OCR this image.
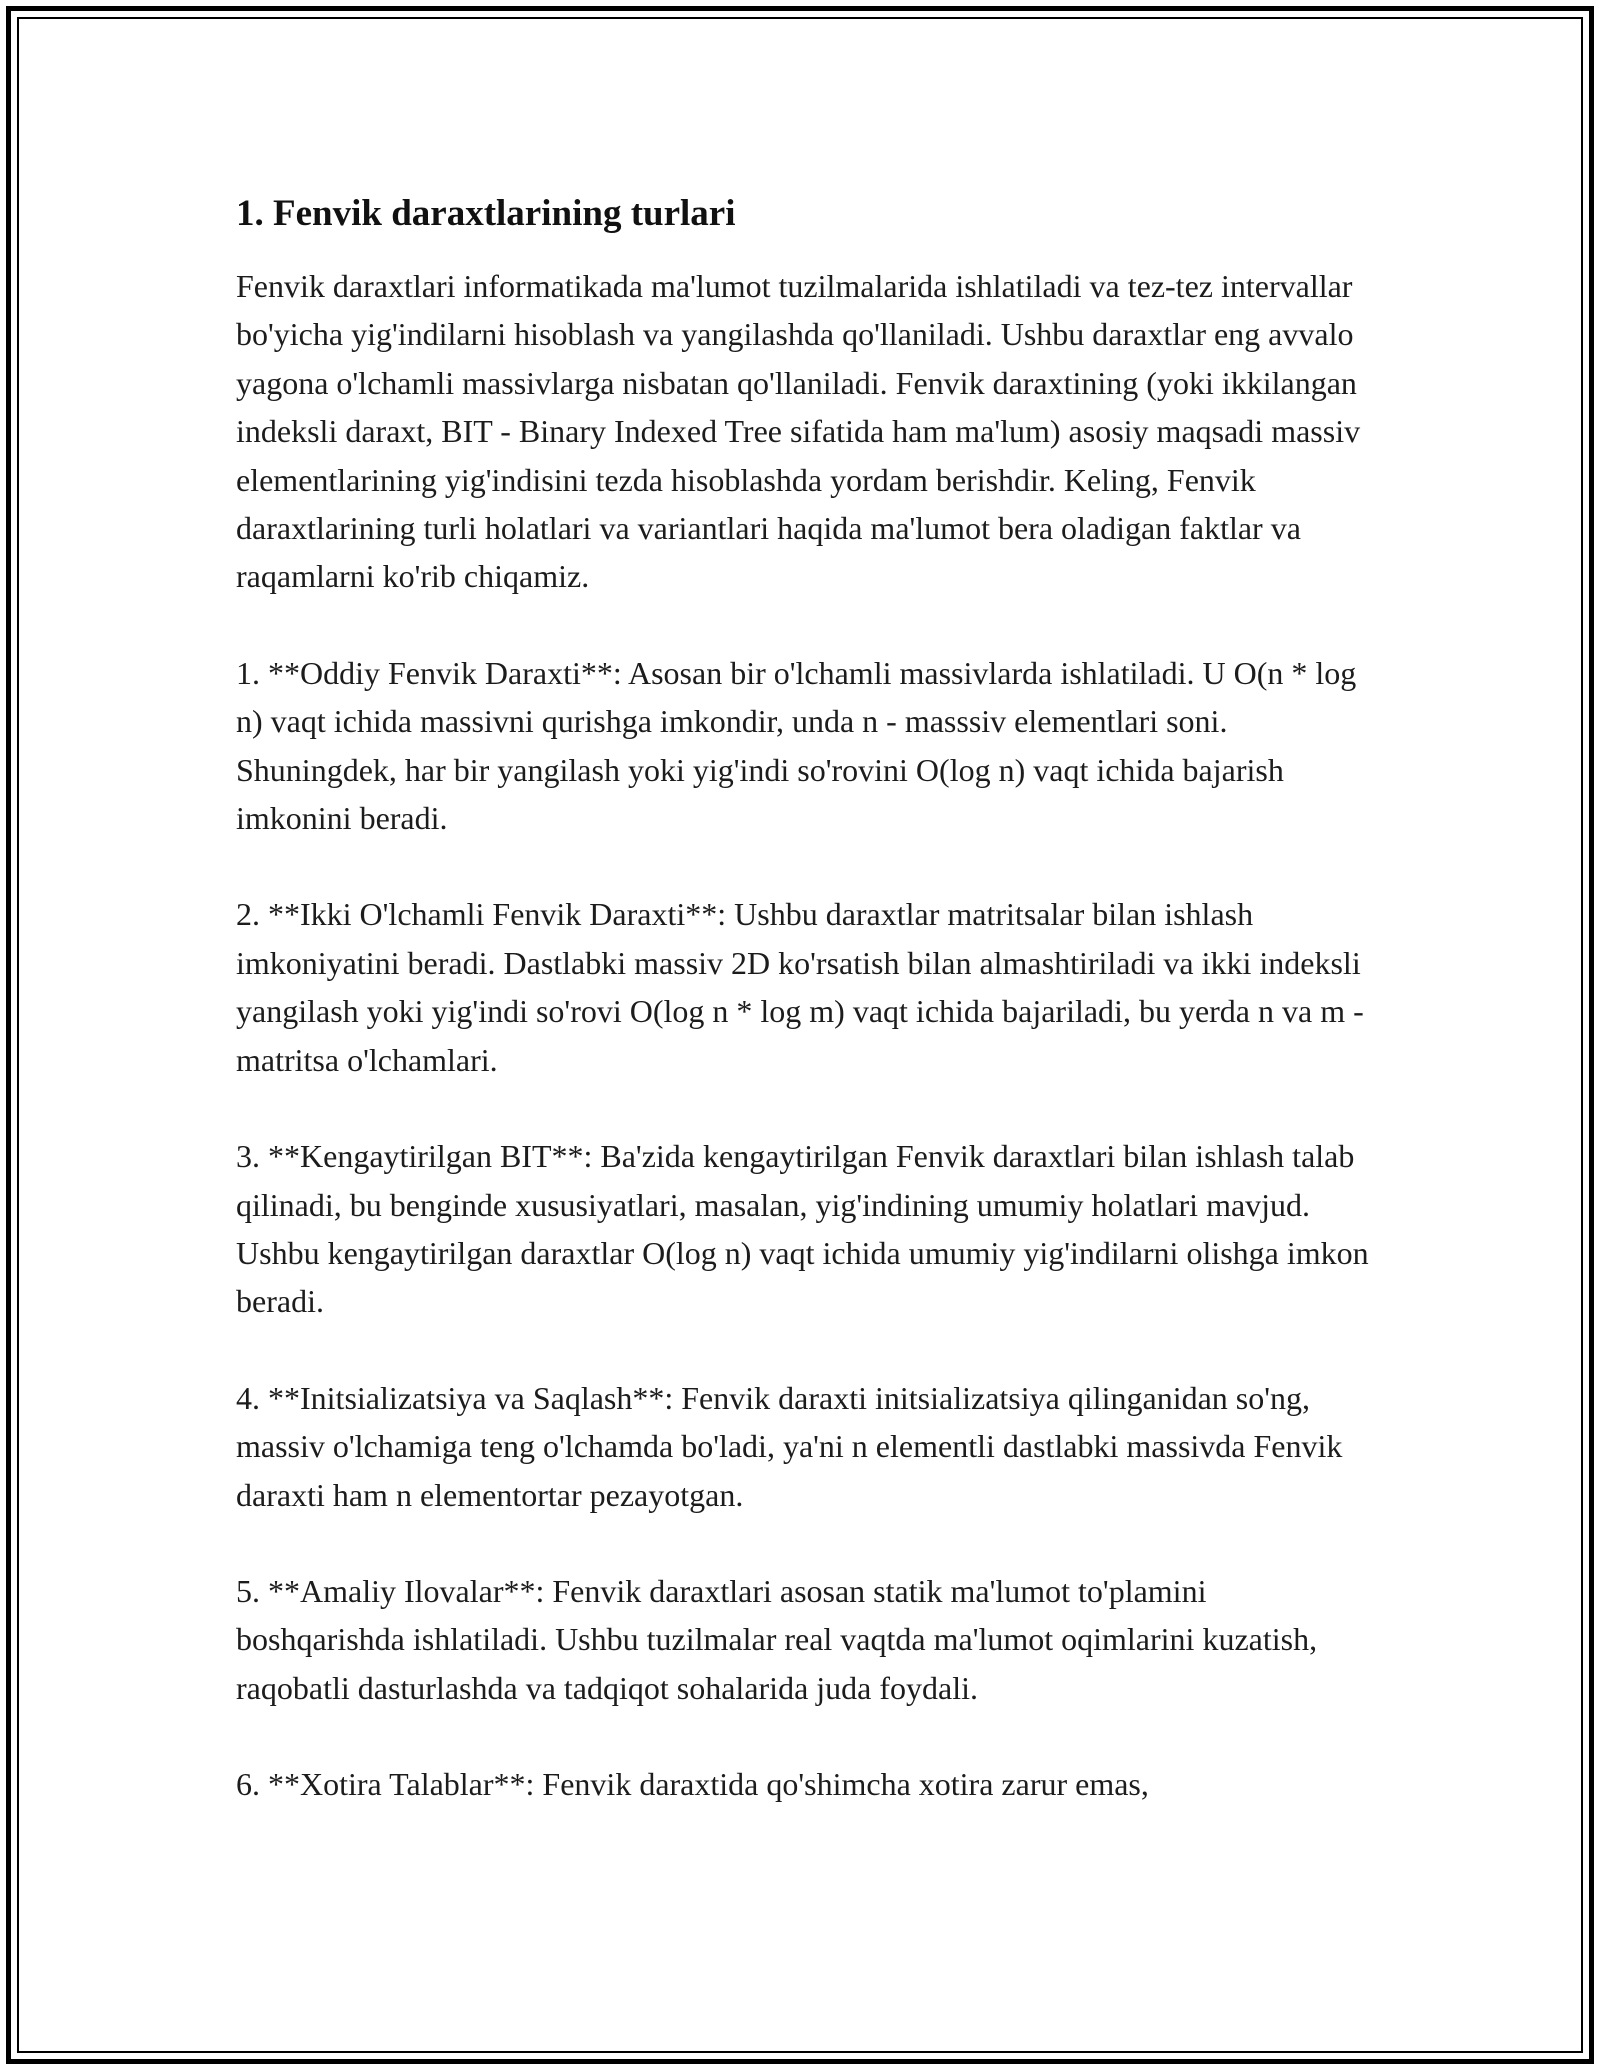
1. Fenvik daraxtlarining turlari

Fenvik daraxtlari informatikada ma'lumot tuzilmalarida ishlatiladi va tez-tez intervallar bo'yicha yig'indilarni hisoblash va yangilashda qo'llaniladi. Ushbu daraxtlar eng avvalo yagona o'lchamli massivlarga nisbatan qo'llaniladi. Fenvik daraxtining (yoki ikkilangan indeksli daraxt, BIT - Binary Indexed Tree sifatida ham ma'lum) asosiy maqsadi massiv elementlarining yig'indisini tezda hisoblashda yordam berishdir. Keling, Fenvik daraxtlarining turli holatlari va variantlari haqida ma'lumot bera oladigan faktlar va raqamlarni ko'rib chiqamiz.

1. **Oddiy Fenvik Daraxti**: Asosan bir o'lchamli massivlarda ishlatiladi. U O(n * log n) vaqt ichida massivni qurishga imkondir, unda n - masssiv elementlari soni. Shuningdek, har bir yangilash yoki yig'indi so'rovini O(log n) vaqt ichida bajarish imkonini beradi.

2. **Ikki O'lchamli Fenvik Daraxti**: Ushbu daraxtlar matritsalar bilan ishlash imkoniyatini beradi. Dastlabki massiv 2D ko'rsatish bilan almashtiriladi va ikki indeksli yangilash yoki yig'indi so'rovi O(log n * log m) vaqt ichida bajariladi, bu yerda n va m - matritsa o'lchamlari.

3. **Kengaytirilgan BIT**: Ba'zida kengaytirilgan Fenvik daraxtlari bilan ishlash talab qilinadi, bu benginde xususiyatlari, masalan, yig'indining umumiy holatlari mavjud. Ushbu kengaytirilgan daraxtlar O(log n) vaqt ichida umumiy yig'indilarni olishga imkon beradi.

4. **Initsializatsiya va Saqlash**: Fenvik daraxti initsializatsiya qilinganidan so'ng, massiv o'lchamiga teng o'lchamda bo'ladi, ya'ni n elementli dastlabki massivda Fenvik daraxti ham n elementortar pezayotgan.

5. **Amaliy Ilovalar**: Fenvik daraxtlari asosan statik ma'lumot to'plamini boshqarishda ishlatiladi. Ushbu tuzilmalar real vaqtda ma'lumot oqimlarini kuzatish, raqobatli dasturlashda va tadqiqot sohalarida juda foydali.

6. **Xotira Talablar**: Fenvik daraxtida qo'shimcha xotira zarur emas,
